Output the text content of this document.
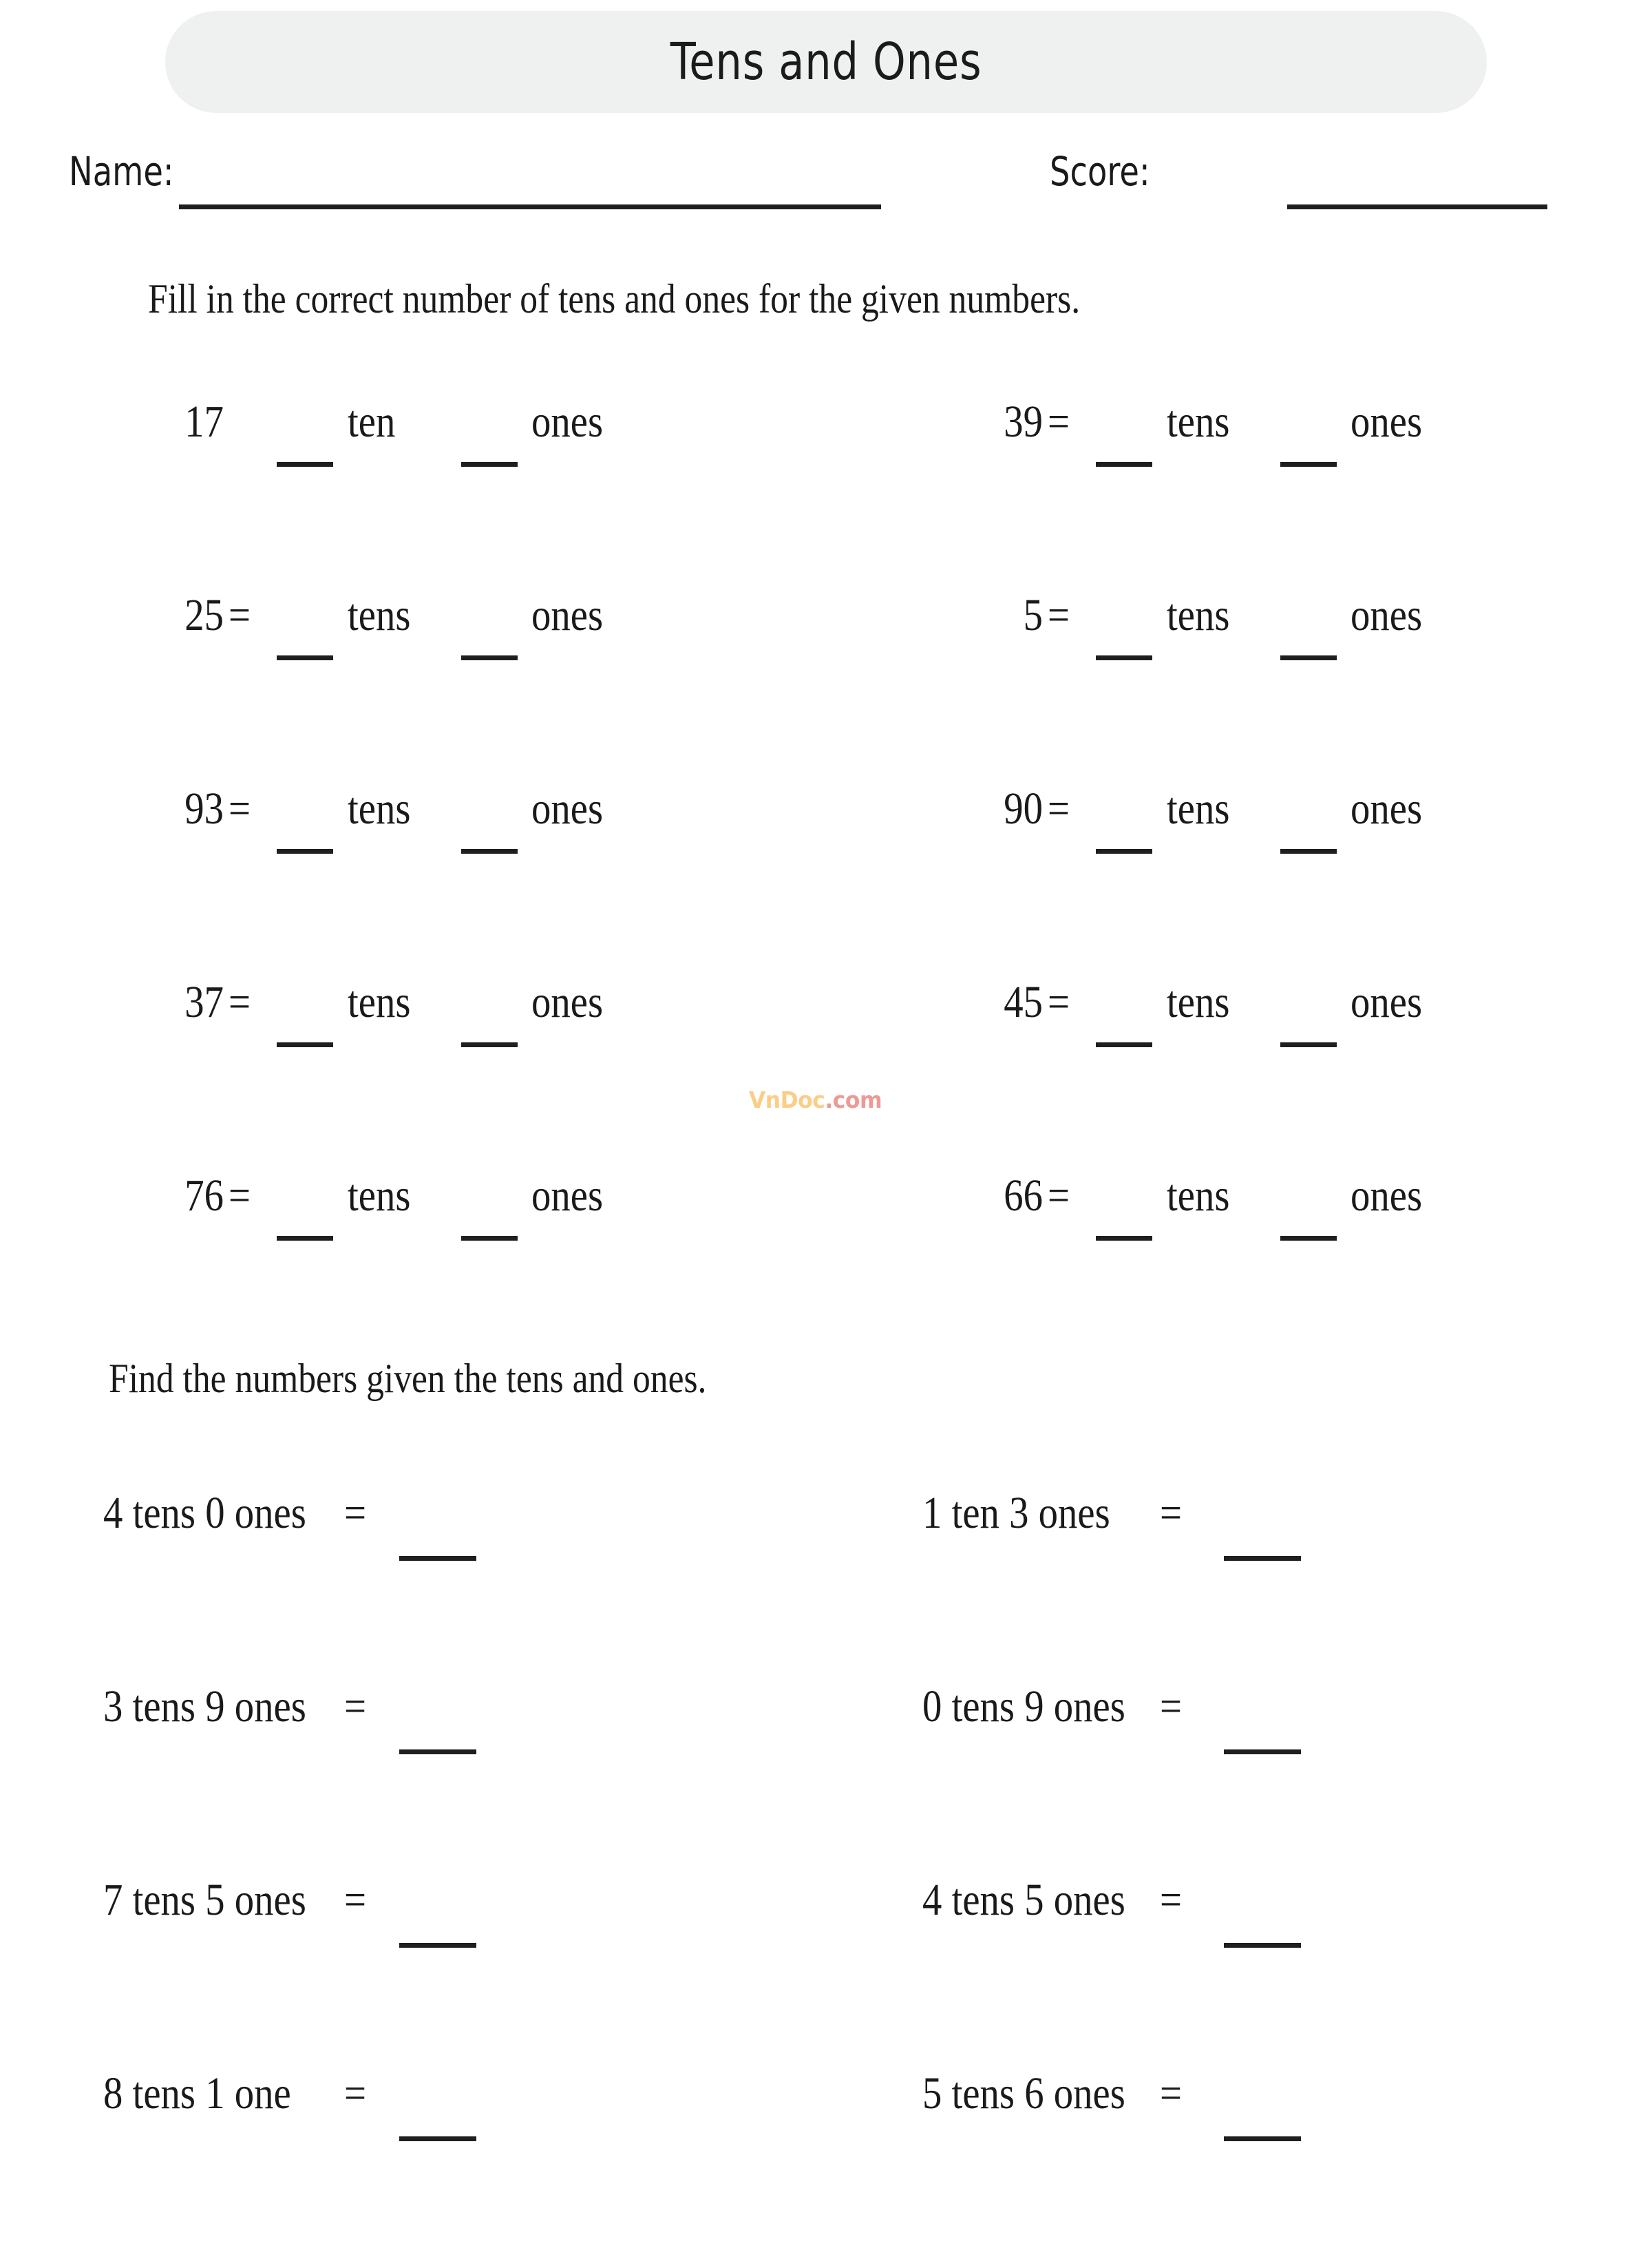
Tens and Ones
Name:	Score:
Fill in the correct number of tens and ones for the given numbers.
17	ten	ones	39 = tens	ones
25 = tens	ones	5 = tens	ones
93 = tens	ones	90 = tens	ones
37 = tens	ones	45 = tens	ones
76 = tens	ones	66 = tens	ones
VnDoc.com
Find the numbers given the tens and ones.
4 tens 0 ones =	1 ten 3 ones =
3 tens 9 ones =	0 tens 9 ones =
7 tens 5 ones =	4 tens 5 ones =
8 tens 1 one =	5 tens 6 ones =
